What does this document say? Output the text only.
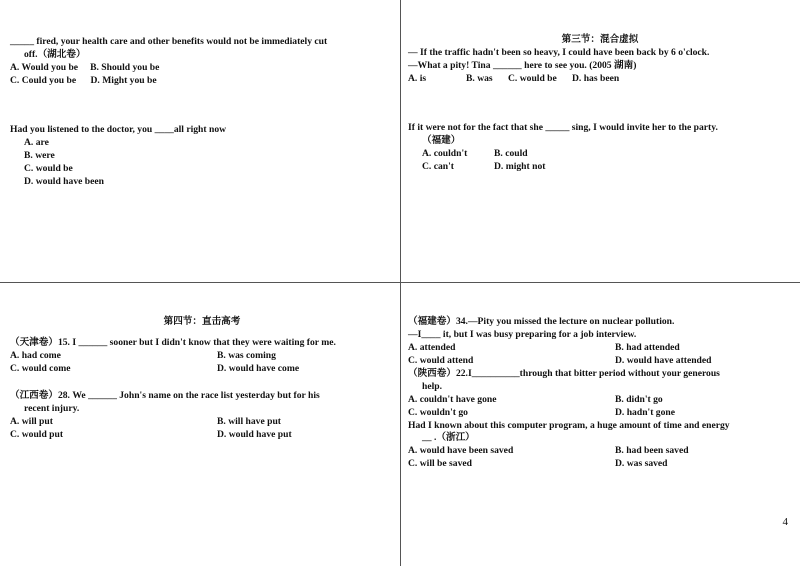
_____ fired, your health care and other benefits would not be immediately cut

off.（湖北卷）

A. Would you be B. Should you be

C. Could you be D. Might you be

Had you listened to the doctor, you ____all right now

A. are

B. were

C. would be

D. would have been

第三节：混合虚拟

— If the traffic hadn't been so heavy, I could have been back by 6 o'clock.

—What a pity! Tina ______ here to see you. (2005 湖南)

A. is	B. was C. would be D. has been

If it were not for the fact that she _____ sing, I would invite her to the party.

（福建）

A. couldn't	B. could

C. can't	D. might not

第四节：直击高考

（天津卷）15. I ______ sooner but I didn't know that they were waiting for me.

A. had come	B. was coming
C. would come	D. would have come

（江西卷）28. We ______ John's name on the race list yesterday but for his

recent injury.

A. will put	B. will have put
C. would put	D. would have put

（福建卷）34.—Pity you missed the lecture on nuclear pollution.

—I____ it, but I was busy preparing for a job interview.

A. attended	B. had attended
C. would attend	D. would have attended

（陕西卷）22.I__________through that bitter period without your generous

help.

A. couldn't have gone	B. didn't go
C. wouldn't go	D. hadn't gone

Had I known about this computer program, a huge amount of time and energy

__ .（浙江）

A. would have been saved	B. had been saved
C. will be saved	D. was saved
4
